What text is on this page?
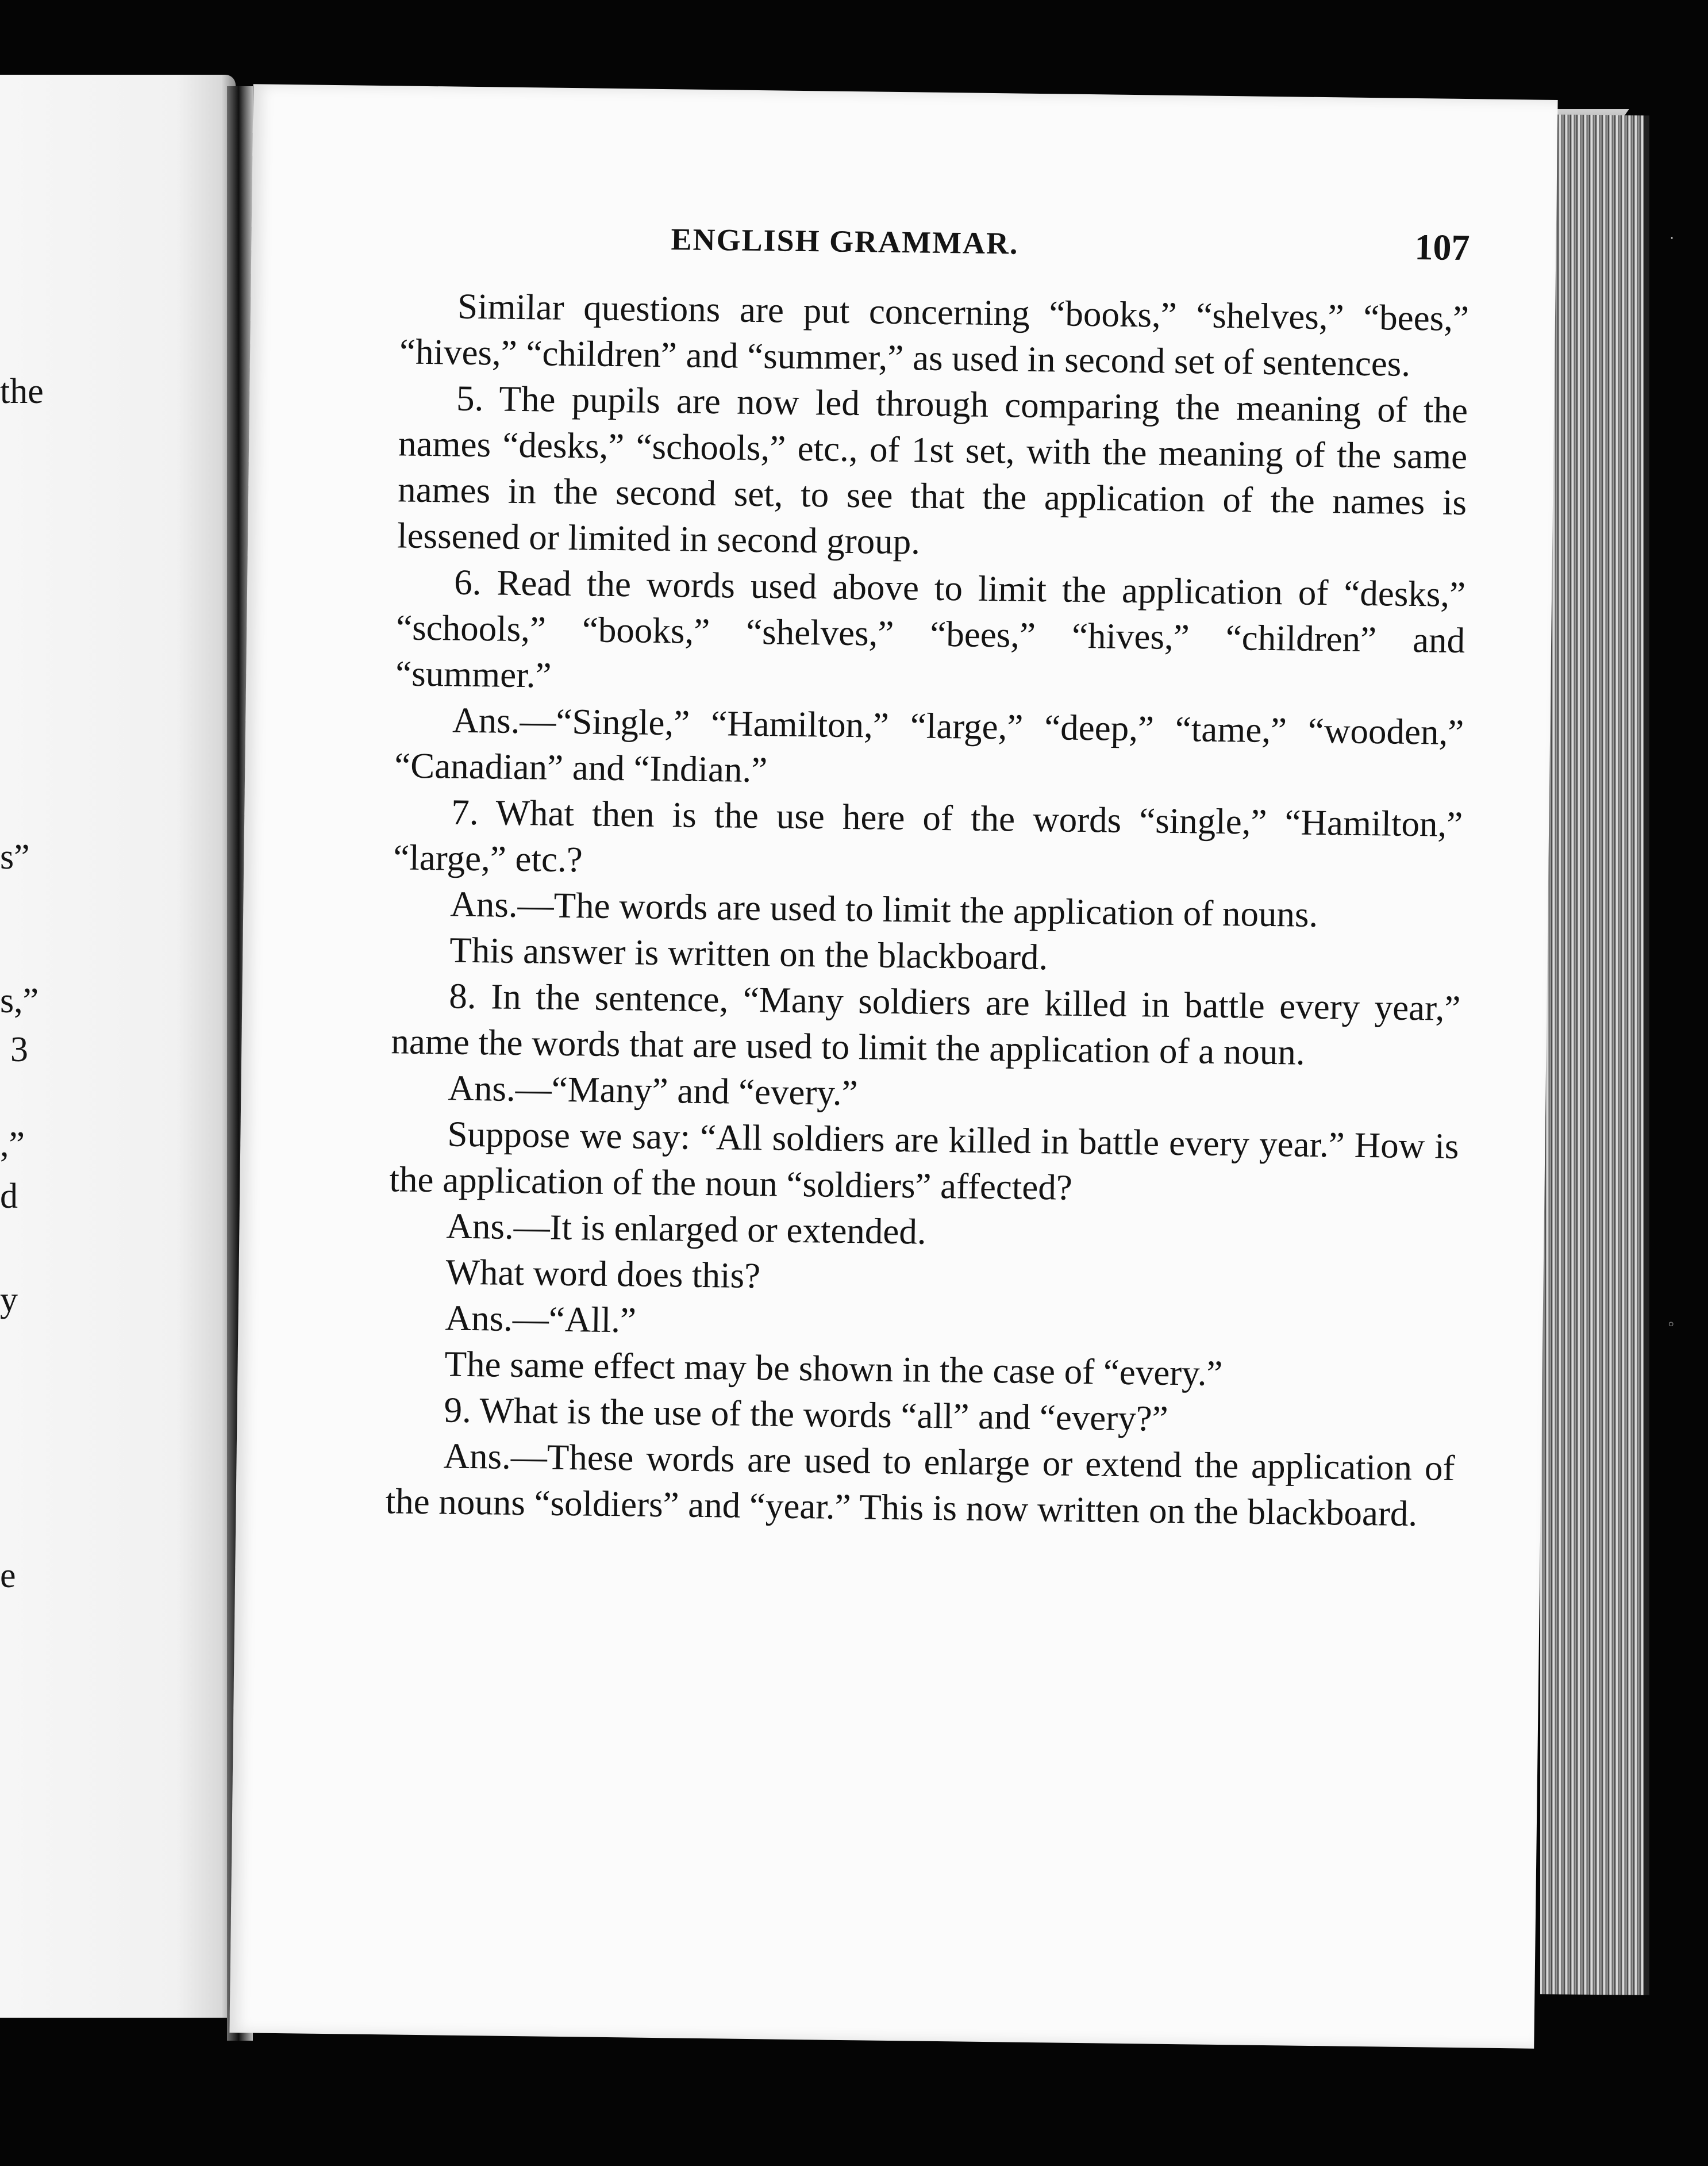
the
s”
s,”
3
,”
d
y
e
ENGLISH GRAMMAR.	107

Similar questions are put concerning “books,” “shelves,” “bees,” “hives,” “children” and “summer,” as used in second set of sentences.

5. The pupils are now led through comparing the meaning of the names “desks,” “schools,” etc., of 1st set, with the meaning of the same names in the second set, to see that the application of the names is lessened or limited in second group.

6. Read the words used above to limit the application of “desks,” “schools,” “books,” “shelves,” “bees,” “hives,” “children” and “summer.”

Ans.—“Single,” “Hamilton,” “large,” “deep,” “tame,” “wooden,” “Canadian” and “Indian.”

7. What then is the use here of the words “single,” “Hamilton,” “large,” etc.?

Ans.—The words are used to limit the application of nouns.

This answer is written on the blackboard.

8. In the sentence, “Many soldiers are killed in battle every year,” name the words that are used to limit the application of a noun.

Ans.—“Many” and “every.”

Suppose we say: “All soldiers are killed in battle every year.” How is the application of the noun “soldiers” affected?

Ans.—It is enlarged or extended.

What word does this?

Ans.—“All.”

The same effect may be shown in the case of “every.”

9. What is the use of the words “all” and “every?”

Ans.—These words are used to enlarge or extend the application of the nouns “soldiers” and “year.” This is now written on the blackboard.

·
◦
